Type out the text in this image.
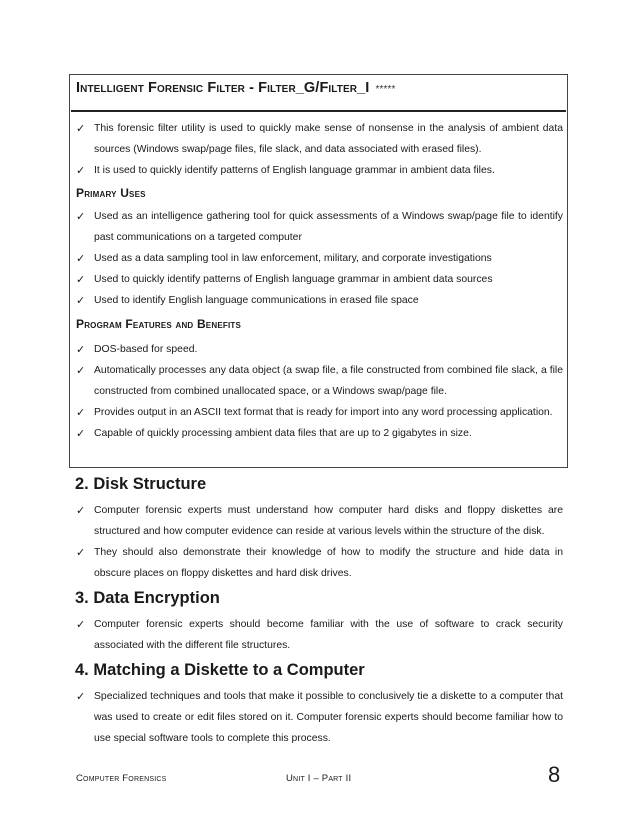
Intelligent Forensic Filter - Filter_G/Filter_I *****
✓ This forensic filter utility is used to quickly make sense of nonsense in the analysis of ambient data sources (Windows swap/page files, file slack, and data associated with erased files).
✓ It is used to quickly identify patterns of English language grammar in ambient data files.
Primary Uses
✓ Used as an intelligence gathering tool for quick assessments of a Windows swap/page file to identify past communications on a targeted computer
✓ Used as a data sampling tool in law enforcement, military, and corporate investigations
✓ Used to quickly identify patterns of English language grammar in ambient data sources
✓ Used to identify English language communications in erased file space
Program Features and Benefits
✓ DOS-based for speed.
✓ Automatically processes any data object (a swap file, a file constructed from combined file slack, a file constructed from combined unallocated space, or a Windows swap/page file.
✓ Provides output in an ASCII text format that is ready for import into any word processing application.
✓ Capable of quickly processing ambient data files that are up to 2 gigabytes in size.
2. Disk Structure
✓ Computer forensic experts must understand how computer hard disks and floppy diskettes are structured and how computer evidence can reside at various levels within the structure of the disk.
✓ They should also demonstrate their knowledge of how to modify the structure and hide data in obscure places on floppy diskettes and hard disk drives.
3. Data Encryption
✓ Computer forensic experts should become familiar with the use of software to crack security associated with the different file structures.
4. Matching a Diskette to a Computer
✓ Specialized techniques and tools that make it possible to conclusively tie a diskette to a computer that was used to create or edit files stored on it. Computer forensic experts should become familiar how to use special software tools to complete this process.
Computer Forensics	Unit I – Part II	8
